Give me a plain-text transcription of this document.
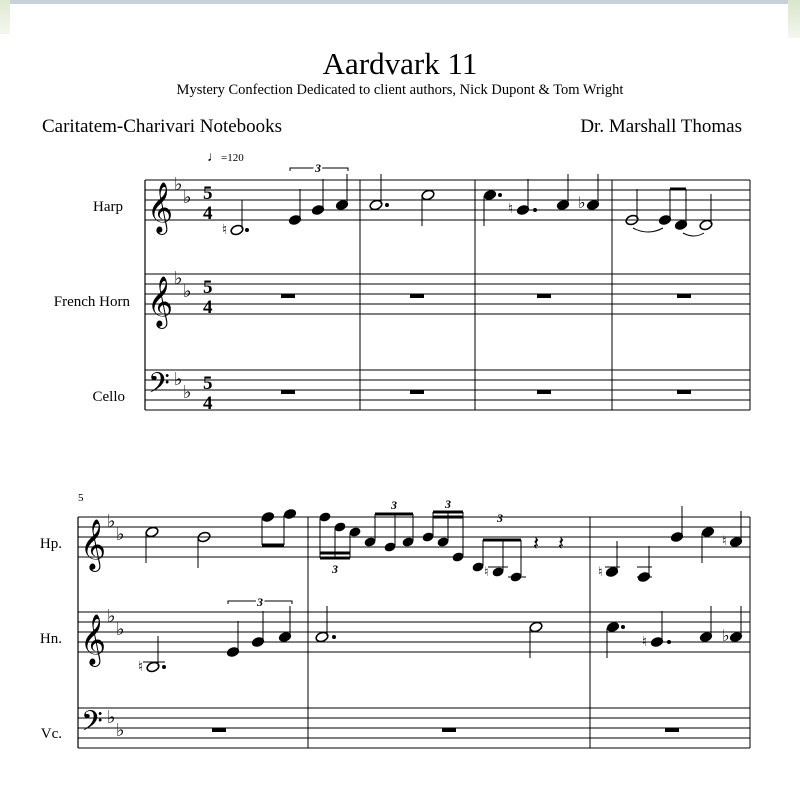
Aardvark 11
Mystery Confection Dedicated to client authors, Nick Dupont & Tom Wright
Caritatem-Charivari Notebooks	Dr. Marshall Thomas
♩=120
Harp
French Horn
Cello
5
Hp.
Hn.
Vc.
𝄞
𝄞
𝄢
♭
♭
♭
♭
♭
♭
5
4
5
4
5
4
♮
3
♮	♭
𝄞
𝄞
𝄢
♭
♭
♭
♭
♭
♭
♮
𝄽 𝄽
3
3	3
3
♮
♮
♮
3
♮	♭
